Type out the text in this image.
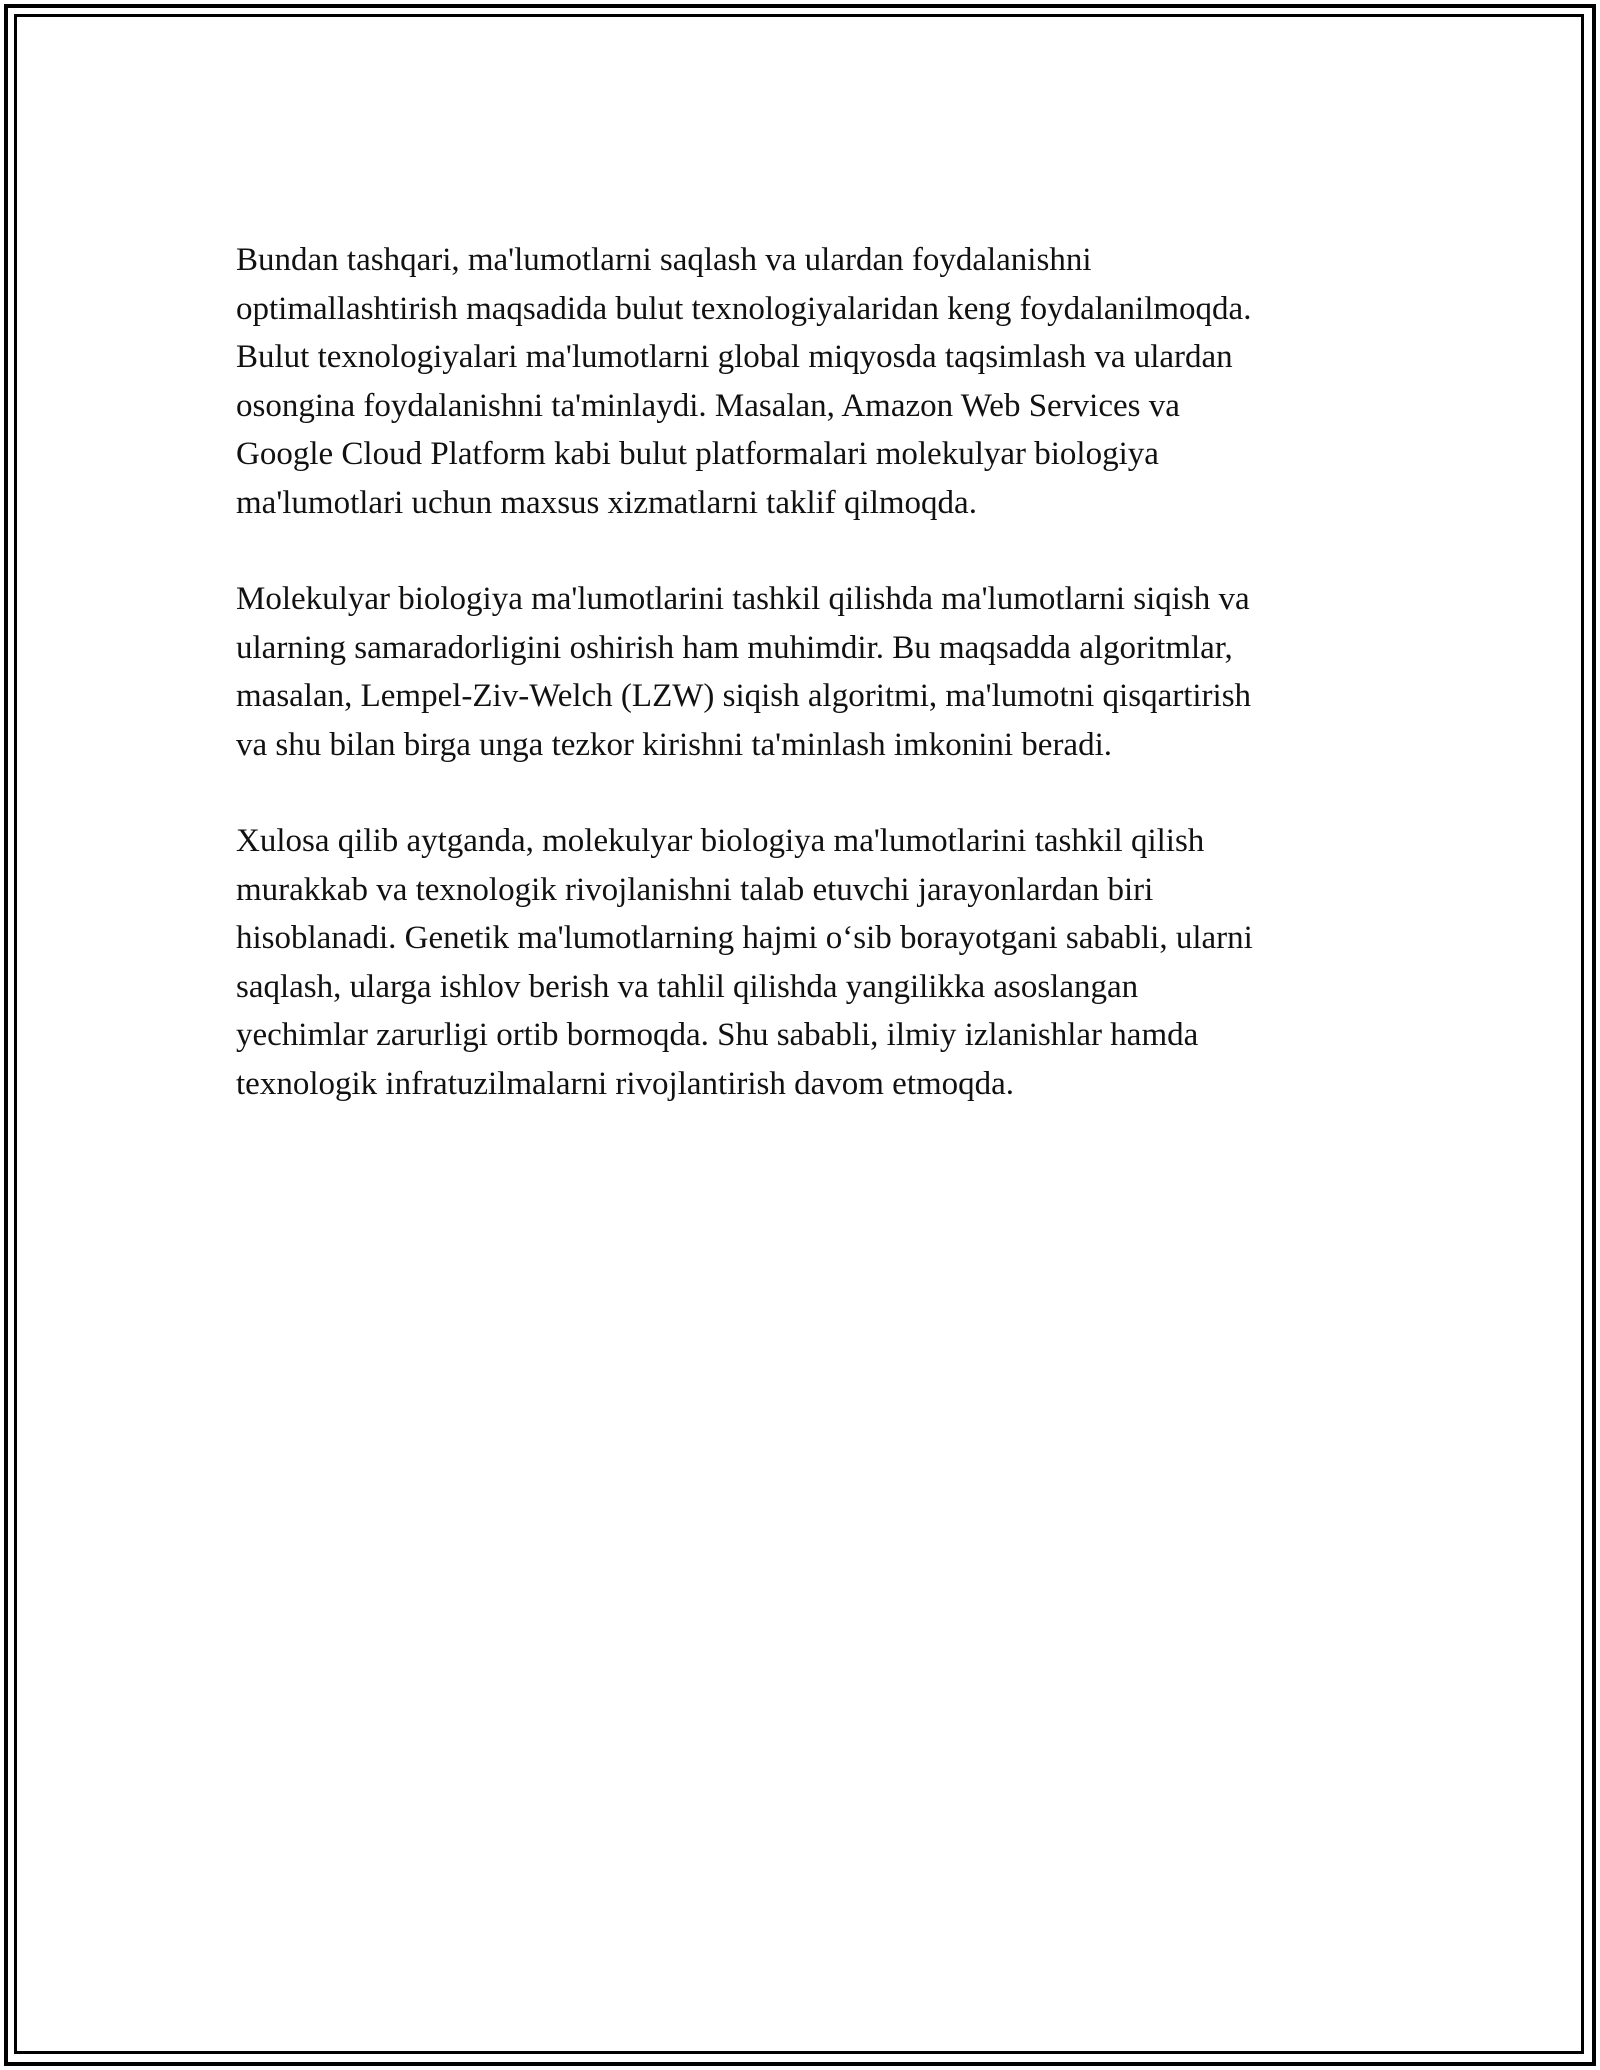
Bundan tashqari, ma'lumotlarni saqlash va ulardan foydalanishni
optimallashtirish maqsadida bulut texnologiyalaridan keng foydalanilmoqda.
Bulut texnologiyalari ma'lumotlarni global miqyosda taqsimlash va ulardan
osongina foydalanishni ta'minlaydi. Masalan, Amazon Web Services va
Google Cloud Platform kabi bulut platformalari molekulyar biologiya
ma'lumotlari uchun maxsus xizmatlarni taklif qilmoqda.

Molekulyar biologiya ma'lumotlarini tashkil qilishda ma'lumotlarni siqish va
ularning samaradorligini oshirish ham muhimdir. Bu maqsadda algoritmlar,
masalan, Lempel-Ziv-Welch (LZW) siqish algoritmi, ma'lumotni qisqartirish
va shu bilan birga unga tezkor kirishni ta'minlash imkonini beradi.

Xulosa qilib aytganda, molekulyar biologiya ma'lumotlarini tashkil qilish
murakkab va texnologik rivojlanishni talab etuvchi jarayonlardan biri
hisoblanadi. Genetik ma'lumotlarning hajmi o‘sib borayotgani sababli, ularni
saqlash, ularga ishlov berish va tahlil qilishda yangilikka asoslangan
yechimlar zarurligi ortib bormoqda. Shu sababli, ilmiy izlanishlar hamda
texnologik infratuzilmalarni rivojlantirish davom etmoqda.
